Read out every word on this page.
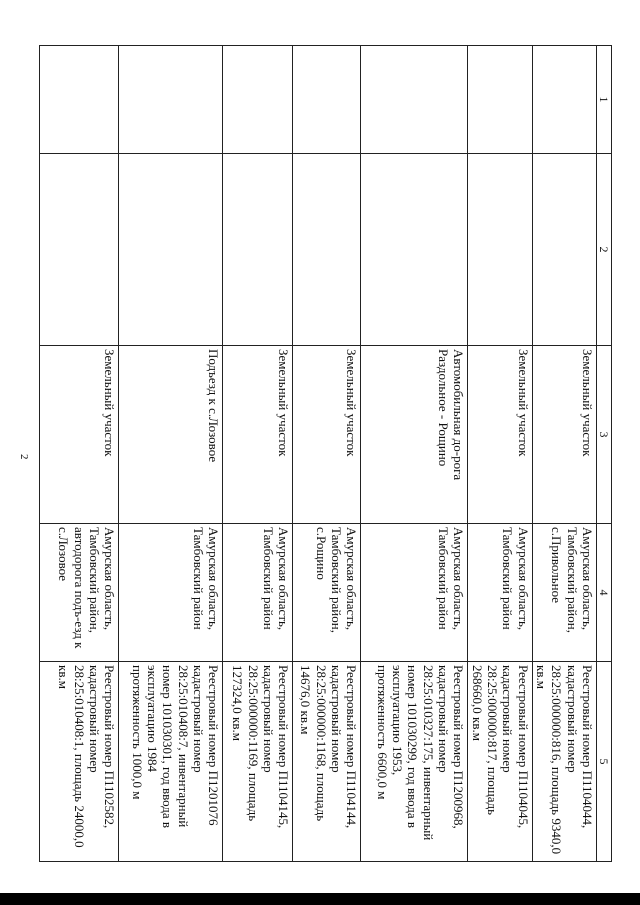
2
1	2	3	4	5
		Земельный участок	Амурская область, Тамбовский район, с.Привольное	Реестровый номер П1104044, кадастровый номер 28:25:000000:816, площадь 9340,0 кв.м
		Земельный участок	Амурская область, Тамбовский район	Реестровый номер П1104045, кадастровый номер 28:25:000000:817, площадь 268660,0 кв.м
		Автомобильная до-рога Раздольное - Рощино	Амурская область, Тамбовский район	Реестровый номер П1200968, кадастровый номер 28:25:010327:175, инвентарный номер 101030299, год ввода в эксплуатацию 1953, протяженность 6600,0 м
		Земельный участок	Амурская область, Тамбовский район, с.Рощино	Реестровый номер П1104144, кадастровый номер 28:25:000000:1168, площадь 14676,0 кв.м
		Земельный участок	Амурская область, Тамбовский район	Реестровый номер П1104145, кадастровый номер 28:25:000000:1169, площадь 127324,0 кв.м
		Подъезд к с.Лозовое	Амурская область, Тамбовский район	Реестровый номер П1201076 кадастровый номер 28:25:010408:7, инвентарный номер 101030301, год ввода в эксплуатацию 1984 протяженность 1000,0 м
		Земельный участок	Амурская область, Тамбовский район, автодорога подъ-езд к с.Лозовое	Реестровый номер П1102582, кадастровый номер 28:25:010408:1, площадь 24000,0 кв.м
